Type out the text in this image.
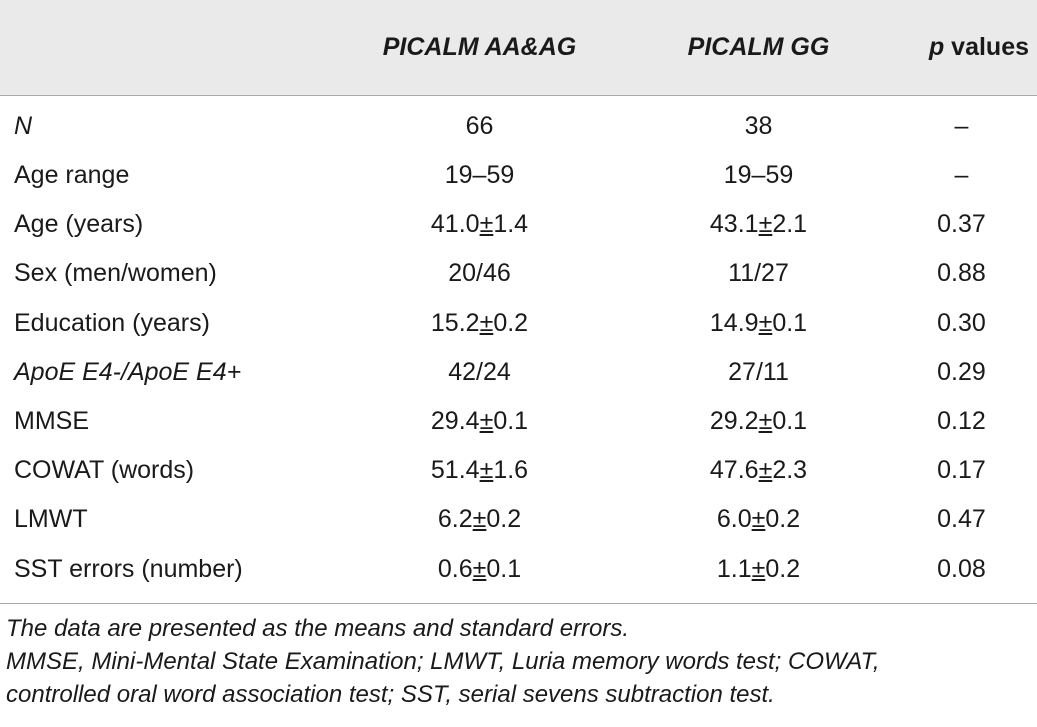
	PICALM AA&AG	PICALM GG	p values
N	66	38	–
Age range	19–59	19–59	–
Age (years)	41.0±1.4	43.1±2.1	0.37
Sex (men/women)	20/46	11/27	0.88
Education (years)	15.2±0.2	14.9±0.1	0.30
ApoE E4-/ApoE E4+	42/24	27/11	0.29
MMSE	29.4±0.1	29.2±0.1	0.12
COWAT (words)	51.4±1.6	47.6±2.3	0.17
LMWT	6.2±0.2	6.0±0.2	0.47
SST errors (number)	0.6±0.1	1.1±0.2	0.08
The data are presented as the means and standard errors.
MMSE, Mini-Mental State Examination; LMWT, Luria memory words test; COWAT,
controlled oral word association test; SST, serial sevens subtraction test.
